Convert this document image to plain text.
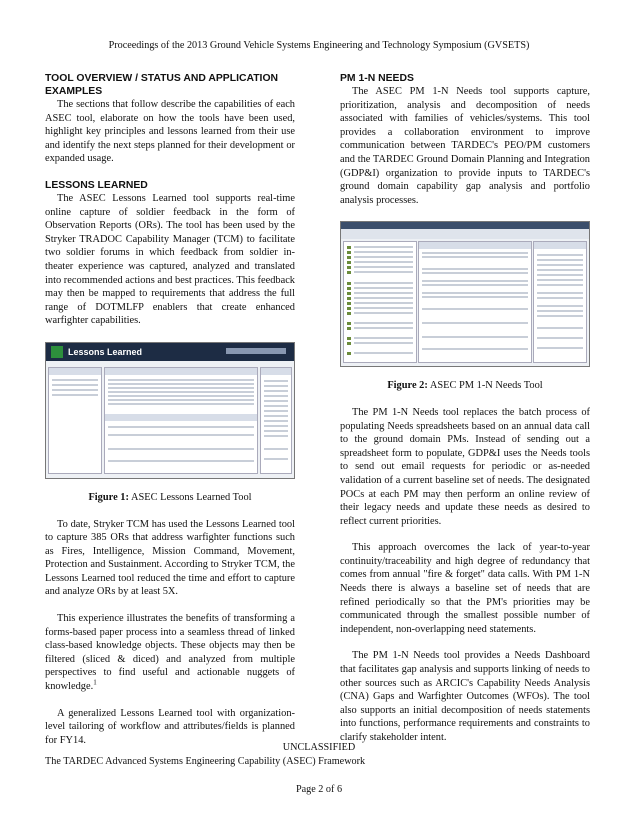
Proceedings of the 2013 Ground Vehicle Systems Engineering and Technology Symposium (GVSETS)
TOOL OVERVIEW / STATUS AND APPLICATION EXAMPLES

The sections that follow describe the capabilities of each ASEC tool, elaborate on how the tools have been used, highlight key principles and lessons learned from their use and identify the next steps planned for their development or expanded usage.

LESSONS LEARNED

The ASEC Lessons Learned tool supports real-time online capture of soldier feedback in the form of Observation Reports (ORs). The tool has been used by the Stryker TRADOC Capability Manager (TCM) to facilitate two soldier forums in which feedback from soldier in-theater experience was captured, analyzed and translated into recommended actions and best practices. This feedback may then be mapped to requirements that address the full range of DOTMLFP enablers that create enhanced warfighter capabilities.

Lessons Learned
Figure 1: ASEC Lessons Learned Tool

To date, Stryker TCM has used the Lessons Learned tool to capture 385 ORs that address warfighter functions such as Fires, Intelligence, Mission Command, Movement, Protection and Sustainment. According to Stryker TCM, the Lessons Learned tool reduced the time and effort to capture and analyze ORs by at least 5X.

This experience illustrates the benefits of transforming a forms-based paper process into a seamless thread of linked class-based knowledge objects. These objects may then be filtered (sliced & diced) and analyzed from multiple perspectives to find useful and actionable nuggets of knowledge.$^1$

A generalized Lessons Learned tool with organization-level tailoring of workflow and attributes/fields is planned for FY14.

PM 1-N NEEDS

The ASEC PM 1-N Needs tool supports capture, prioritization, analysis and decomposition of needs associated with families of vehicles/systems. This tool provides a collaboration environment to improve communication between TARDEC's PEO/PM customers and the TARDEC Ground Domain Planning and Integration (GDP&I) organization to provide inputs to TARDEC's ground domain capability gap analysis and portfolio analysis processes.

Figure 2: ASEC PM 1-N Needs Tool

The PM 1-N Needs tool replaces the batch process of populating Needs spreadsheets based on an annual data call to the ground domain PMs. Instead of sending out a spreadsheet form to populate, GDP&I uses the Needs tools to send out email requests for periodic or as-needed validation of a current baseline set of needs. The designated POCs at each PM may then perform an online review of their legacy needs and update these needs as desired to reflect current priorities.

This approach overcomes the lack of year-to-year continuity/traceability and high degree of redundancy that comes from annual "fire & forget" data calls. With PM 1-N Needs there is always a baseline set of needs that are refined periodically so that the PM's priorities may be communicated through the smallest possible number of independent, non-overlapping need statements.

The PM 1-N Needs tool provides a Needs Dashboard that facilitates gap analysis and supports linking of needs to other sources such as ARCIC's Capability Needs Analysis (CNA) Gaps and Warfighter Outcomes (WFOs). The tool also supports an initial decomposition of needs statements into functions, performance requirements and constraints to clarify stakeholder intent.

UNCLASSIFIED
The TARDEC Advanced Systems Engineering Capability (ASEC) Framework
Page 2 of 6
